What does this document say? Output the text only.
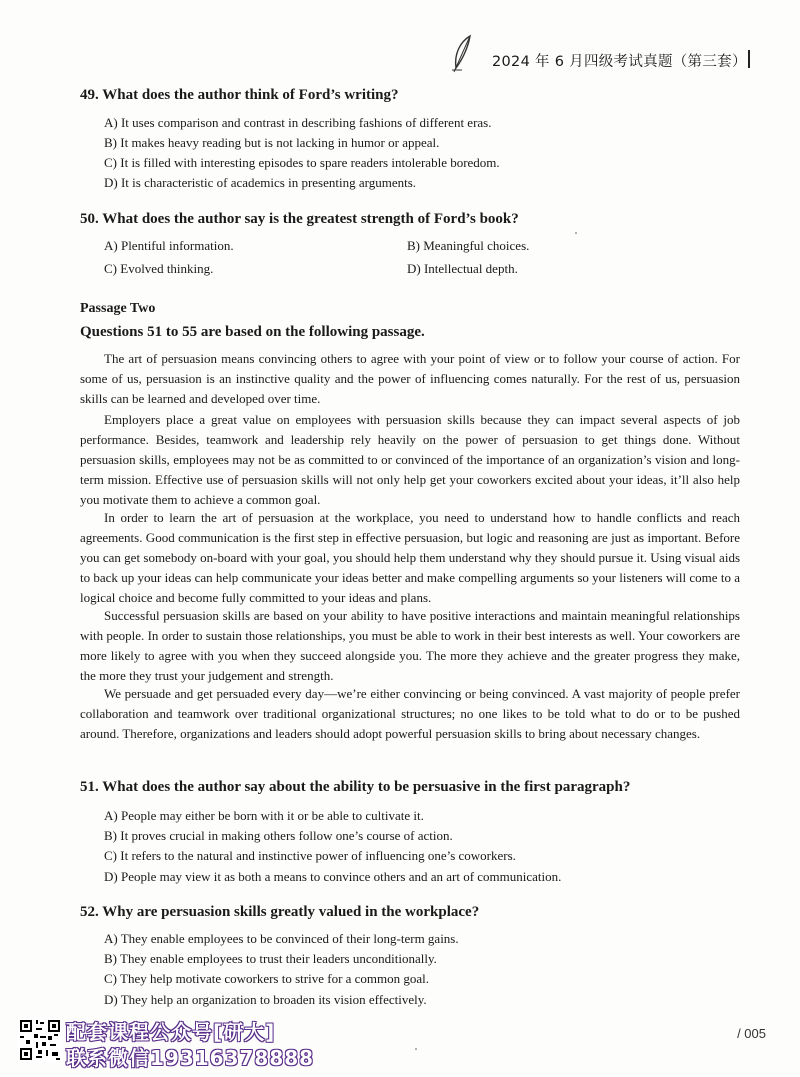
2024 年 6 月四级考试真题（第三套）
49. What does the author think of Ford’s writing?
A) It uses comparison and contrast in describing fashions of different eras.
B) It makes heavy reading but is not lacking in humor or appeal.
C) It is filled with interesting episodes to spare readers intolerable boredom.
D) It is characteristic of academics in presenting arguments.
50. What does the author say is the greatest strength of Ford’s book?
A) Plentiful information.	B) Meaningful choices.
C) Evolved thinking.	D) Intellectual depth.
Passage Two
Questions 51 to 55 are based on the following passage.

The art of persuasion means convincing others to agree with your point of view or to follow your course of action. For some of us, persuasion is an instinctive quality and the power of influencing comes naturally. For the rest of us, persuasion skills can be learned and developed over time.

Employers place a great value on employees with persuasion skills because they can impact several aspects of job performance. Besides, teamwork and leadership rely heavily on the power of persuasion to get things done. Without persuasion skills, employees may not be as committed to or convinced of the importance of an organization’s vision and long-term mission. Effective use of persuasion skills will not only help get your coworkers excited about your ideas, it’ll also help you motivate them to achieve a common goal.

In order to learn the art of persuasion at the workplace, you need to understand how to handle conflicts and reach agreements. Good communication is the first step in effective persuasion, but logic and reasoning are just as important. Before you can get somebody on-board with your goal, you should help them understand why they should pursue it. Using visual aids to back up your ideas can help communicate your ideas better and make compelling arguments so your listeners will come to a logical choice and become fully committed to your ideas and plans.

Successful persuasion skills are based on your ability to have positive interactions and maintain meaningful relationships with people. In order to sustain those relationships, you must be able to work in their best interests as well. Your coworkers are more likely to agree with you when they succeed alongside you. The more they achieve and the greater progress they make, the more they trust your judgement and strength.

We persuade and get persuaded every day—we’re either convincing or being convinced. A vast majority of people prefer collaboration and teamwork over traditional organizational structures; no one likes to be told what to do or to be pushed around. Therefore, organizations and leaders should adopt powerful persuasion skills to bring about necessary changes.

51. What does the author say about the ability to be persuasive in the first paragraph?
A) People may either be born with it or be able to cultivate it.
B) It proves crucial in making others follow one’s course of action.
C) It refers to the natural and instinctive power of influencing one’s coworkers.
D) People may view it as both a means to convince others and an art of communication.
52. Why are persuasion skills greatly valued in the workplace?
A) They enable employees to be convinced of their long-term gains.
B) They enable employees to trust their leaders unconditionally.
C) They help motivate coworkers to strive for a common goal.
D) They help an organization to broaden its vision effectively.
配套课程公众号[研大]
联系微信19316378888
/ 005
